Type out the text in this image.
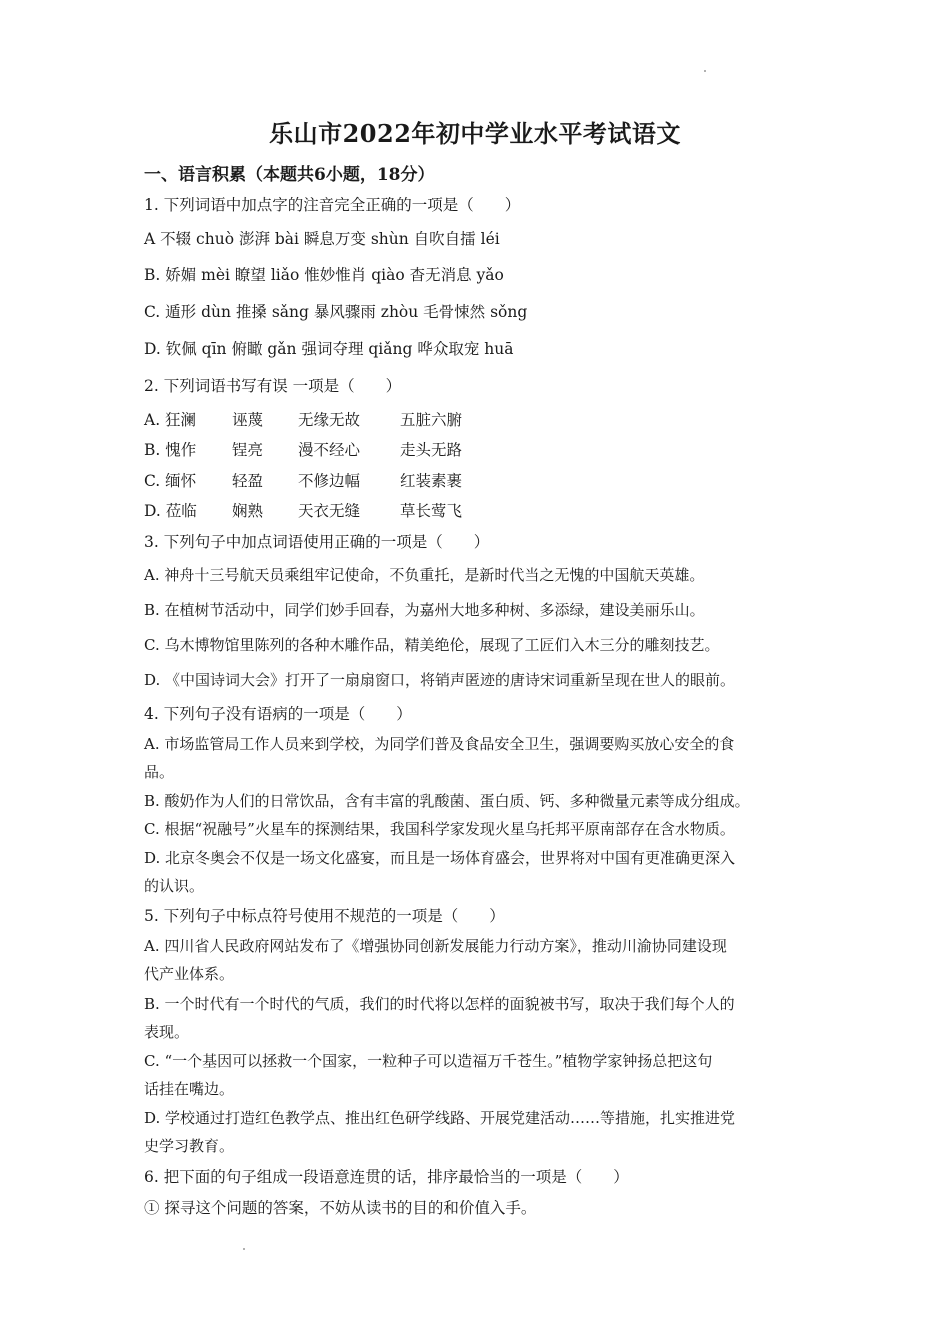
乐山市2022年初中学业水平考试语文
一、语言积累（本题共6小题，18分）
1. 下列词语中加点字的注音完全正确的一项是（　　）
A 不辍 chuò 澎湃 bài 瞬息万变 shùn 自吹自擂 léi
B. 娇媚 mèi 瞭望 liǎo 惟妙惟肖 qiào 杳无消息 yǎo
C. 遁形 dùn 推搡 sǎng 暴风骤雨 zhòu 毛骨悚然 sǒng
D. 钦佩 qīn 俯瞰 gǎn 强词夺理 qiǎng 哗众取宠 huā
2. 下列词语书写有误 一项是（　　）
A. 狂澜 诬蔑 无缘无故	五脏六腑
B. 愧作 锃亮 漫不经心	走头无路
C. 缅怀 轻盈 不修边幅	红装素裹
D. 莅临 娴熟 天衣无缝	草长莺飞
3. 下列句子中加点词语使用正确的一项是（　　）
A. 神舟十三号航天员乘组牢记使命，不负重托，是新时代当之无愧的中国航天英雄。
B. 在植树节活动中，同学们妙手回春，为嘉州大地多种树、多添绿，建设美丽乐山。
C. 乌木博物馆里陈列的各种木雕作品，精美绝伦，展现了工匠们入木三分的雕刻技艺。
D. 《中国诗词大会》打开了一扇扇窗口，将销声匿迹的唐诗宋词重新呈现在世人的眼前。
4. 下列句子没有语病的一项是（　　）
A. 市场监管局工作人员来到学校，为同学们普及食品安全卫生，强调要购买放心安全的食
品。
B. 酸奶作为人们的日常饮品，含有丰富的乳酸菌、蛋白质、钙、多种微量元素等成分组成。
C. 根据“祝融号”火星车的探测结果，我国科学家发现火星乌托邦平原南部存在含水物质。
D. 北京冬奥会不仅是一场文化盛宴，而且是一场体育盛会，世界将对中国有更准确更深入
的认识。
5. 下列句子中标点符号使用不规范的一项是（　　）
A. 四川省人民政府网站发布了《增强协同创新发展能力行动方案》，推动川渝协同建设现
代产业体系。
B. 一个时代有一个时代的气质，我们的时代将以怎样的面貌被书写，取决于我们每个人的
表现。
C. “一个基因可以拯救一个国家，一粒种子可以造福万千苍生。”植物学家钟扬总把这句
话挂在嘴边。
D. 学校通过打造红色教学点、推出红色研学线路、开展党建活动……等措施，扎实推进党
史学习教育。
6. 把下面的句子组成一段语意连贯的话，排序最恰当的一项是（　　）
① 探寻这个问题的答案，不妨从读书的目的和价值入手。
